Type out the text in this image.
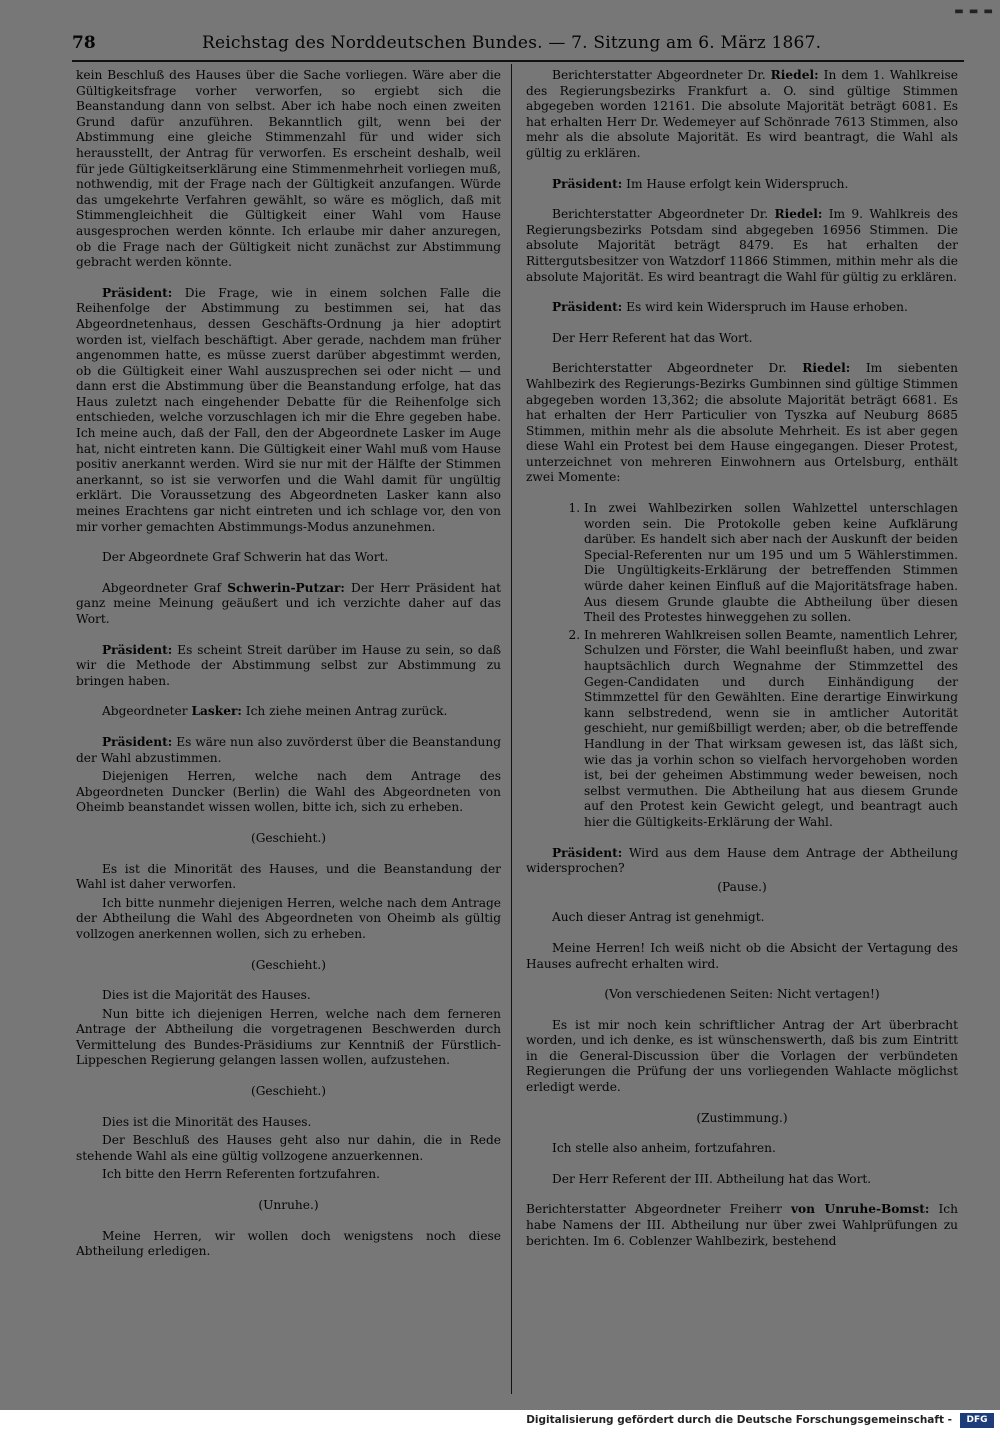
▬ ▬ ▬
78	Reichstag des Norddeutschen Bundes. — 7. Sitzung am 6. März 1867.

kein Beschluß des Hauses über die Sache vorliegen. Wäre aber die Gültigkeitsfrage vorher verworfen, so ergiebt sich die Beanstandung dann von selbst. Aber ich habe noch einen zweiten Grund dafür anzuführen. Bekanntlich gilt, wenn bei der Abstimmung eine gleiche Stimmenzahl für und wider sich herausstellt, der Antrag für verworfen. Es erscheint deshalb, weil für jede Gültigkeitserklärung eine Stimmenmehrheit vorliegen muß, nothwendig, mit der Frage nach der Gültigkeit anzufangen. Würde das umgekehrte Verfahren gewählt, so wäre es möglich, daß mit Stimmengleichheit die Gültigkeit einer Wahl vom Hause ausgesprochen werden könnte. Ich erlaube mir daher anzuregen, ob die Frage nach der Gültigkeit nicht zunächst zur Abstimmung gebracht werden könnte.

Präsident: Die Frage, wie in einem solchen Falle die Reihenfolge der Abstimmung zu bestimmen sei, hat das Abgeordnetenhaus, dessen Geschäfts-Ordnung ja hier adoptirt worden ist, vielfach beschäftigt. Aber gerade, nachdem man früher angenommen hatte, es müsse zuerst darüber abgestimmt werden, ob die Gültigkeit einer Wahl auszusprechen sei oder nicht — und dann erst die Abstimmung über die Beanstandung erfolge, hat das Haus zuletzt nach eingehender Debatte für die Reihenfolge sich entschieden, welche vorzuschlagen ich mir die Ehre gegeben habe. Ich meine auch, daß der Fall, den der Abgeordnete Lasker im Auge hat, nicht eintreten kann. Die Gültigkeit einer Wahl muß vom Hause positiv anerkannt werden. Wird sie nur mit der Hälfte der Stimmen anerkannt, so ist sie verworfen und die Wahl damit für ungültig erklärt. Die Voraussetzung des Abgeordneten Lasker kann also meines Erachtens gar nicht eintreten und ich schlage vor, den von mir vorher gemachten Abstimmungs-Modus anzunehmen.

Der Abgeordnete Graf Schwerin hat das Wort.

Abgeordneter Graf Schwerin-Putzar: Der Herr Präsident hat ganz meine Meinung geäußert und ich verzichte daher auf das Wort.

Präsident: Es scheint Streit darüber im Hause zu sein, so daß wir die Methode der Abstimmung selbst zur Abstimmung zu bringen haben.

Abgeordneter Lasker: Ich ziehe meinen Antrag zurück.

Präsident: Es wäre nun also zuvörderst über die Beanstandung der Wahl abzustimmen.

Diejenigen Herren, welche nach dem Antrage des Abgeordneten Duncker (Berlin) die Wahl des Abgeordneten von Oheimb beanstandet wissen wollen, bitte ich, sich zu erheben.

(Geschieht.)

Es ist die Minorität des Hauses, und die Beanstandung der Wahl ist daher verworfen.

Ich bitte nunmehr diejenigen Herren, welche nach dem Antrage der Abtheilung die Wahl des Abgeordneten von Oheimb als gültig vollzogen anerkennen wollen, sich zu erheben.

(Geschieht.)

Dies ist die Majorität des Hauses.

Nun bitte ich diejenigen Herren, welche nach dem ferneren Antrage der Abtheilung die vorgetragenen Beschwerden durch Vermittelung des Bundes-Präsidiums zur Kenntniß der Fürstlich-Lippeschen Regierung gelangen lassen wollen, aufzustehen.

(Geschieht.)

Dies ist die Minorität des Hauses.

Der Beschluß des Hauses geht also nur dahin, die in Rede stehende Wahl als eine gültig vollzogene anzuerkennen.

Ich bitte den Herrn Referenten fortzufahren.

(Unruhe.)

Meine Herren, wir wollen doch wenigstens noch diese Abtheilung erledigen.

Berichterstatter Abgeordneter Dr. Riedel: In dem 1. Wahlkreise des Regierungsbezirks Frankfurt a. O. sind gültige Stimmen abgegeben worden 12161. Die absolute Majorität beträgt 6081. Es hat erhalten Herr Dr. Wedemeyer auf Schönrade 7613 Stimmen, also mehr als die absolute Majorität. Es wird beantragt, die Wahl als gültig zu erklären.

Präsident: Im Hause erfolgt kein Widerspruch.

Berichterstatter Abgeordneter Dr. Riedel: Im 9. Wahlkreis des Regierungsbezirks Potsdam sind abgegeben 16956 Stimmen. Die absolute Majorität beträgt 8479. Es hat erhalten der Rittergutsbesitzer von Watzdorf 11866 Stimmen, mithin mehr als die absolute Majorität. Es wird beantragt die Wahl für gültig zu erklären.

Präsident: Es wird kein Widerspruch im Hause erhoben.

Der Herr Referent hat das Wort.

Berichterstatter Abgeordneter Dr. Riedel: Im siebenten Wahlbezirk des Regierungs-Bezirks Gumbinnen sind gültige Stimmen abgegeben worden 13,362; die absolute Majorität beträgt 6681. Es hat erhalten der Herr Particulier von Tyszka auf Neuburg 8685 Stimmen, mithin mehr als die absolute Mehrheit. Es ist aber gegen diese Wahl ein Protest bei dem Hause eingegangen. Dieser Protest, unterzeichnet von mehreren Einwohnern aus Ortelsburg, enthält zwei Momente:

1. In zwei Wahlbezirken sollen Wahlzettel unterschlagen worden sein. Die Protokolle geben keine Aufklärung darüber. Es handelt sich aber nach der Auskunft der beiden Special-Referenten nur um 195 und um 5 Wählerstimmen. Die Ungültigkeits-Erklärung der betreffenden Stimmen würde daher keinen Einfluß auf die Majoritätsfrage haben. Aus diesem Grunde glaubte die Abtheilung über diesen Theil des Protestes hinweggehen zu sollen.
2. In mehreren Wahlkreisen sollen Beamte, namentlich Lehrer, Schulzen und Förster, die Wahl beeinflußt haben, und zwar hauptsächlich durch Wegnahme der Stimmzettel des Gegen-Candidaten und durch Einhändigung der Stimmzettel für den Gewählten. Eine derartige Einwirkung kann selbstredend, wenn sie in amtlicher Autorität geschieht, nur gemißbilligt werden; aber, ob die betreffende Handlung in der That wirksam gewesen ist, das läßt sich, wie das ja vorhin schon so vielfach hervorgehoben worden ist, bei der geheimen Abstimmung weder beweisen, noch selbst vermuthen. Die Abtheilung hat aus diesem Grunde auf den Protest kein Gewicht gelegt, und beantragt auch hier die Gültigkeits-Erklärung der Wahl.

Präsident: Wird aus dem Hause dem Antrage der Abtheilung widersprochen?

(Pause.)

Auch dieser Antrag ist genehmigt.

Meine Herren! Ich weiß nicht ob die Absicht der Vertagung des Hauses aufrecht erhalten wird.

(Von verschiedenen Seiten: Nicht vertagen!)

Es ist mir noch kein schriftlicher Antrag der Art überbracht worden, und ich denke, es ist wünschenswerth, daß bis zum Eintritt in die General-Discussion über die Vorlagen der verbündeten Regierungen die Prüfung der uns vorliegenden Wahlacte möglichst erledigt werde.

(Zustimmung.)

Ich stelle also anheim, fortzufahren.

Der Herr Referent der III. Abtheilung hat das Wort.

Berichterstatter Abgeordneter Freiherr von Unruhe-Bomst: Ich habe Namens der III. Abtheilung nur über zwei Wahlprüfungen zu berichten. Im 6. Coblenzer Wahlbezirk, bestehend

Digitalisierung gefördert durch die Deutsche Forschungsgemeinschaft -	DFG
